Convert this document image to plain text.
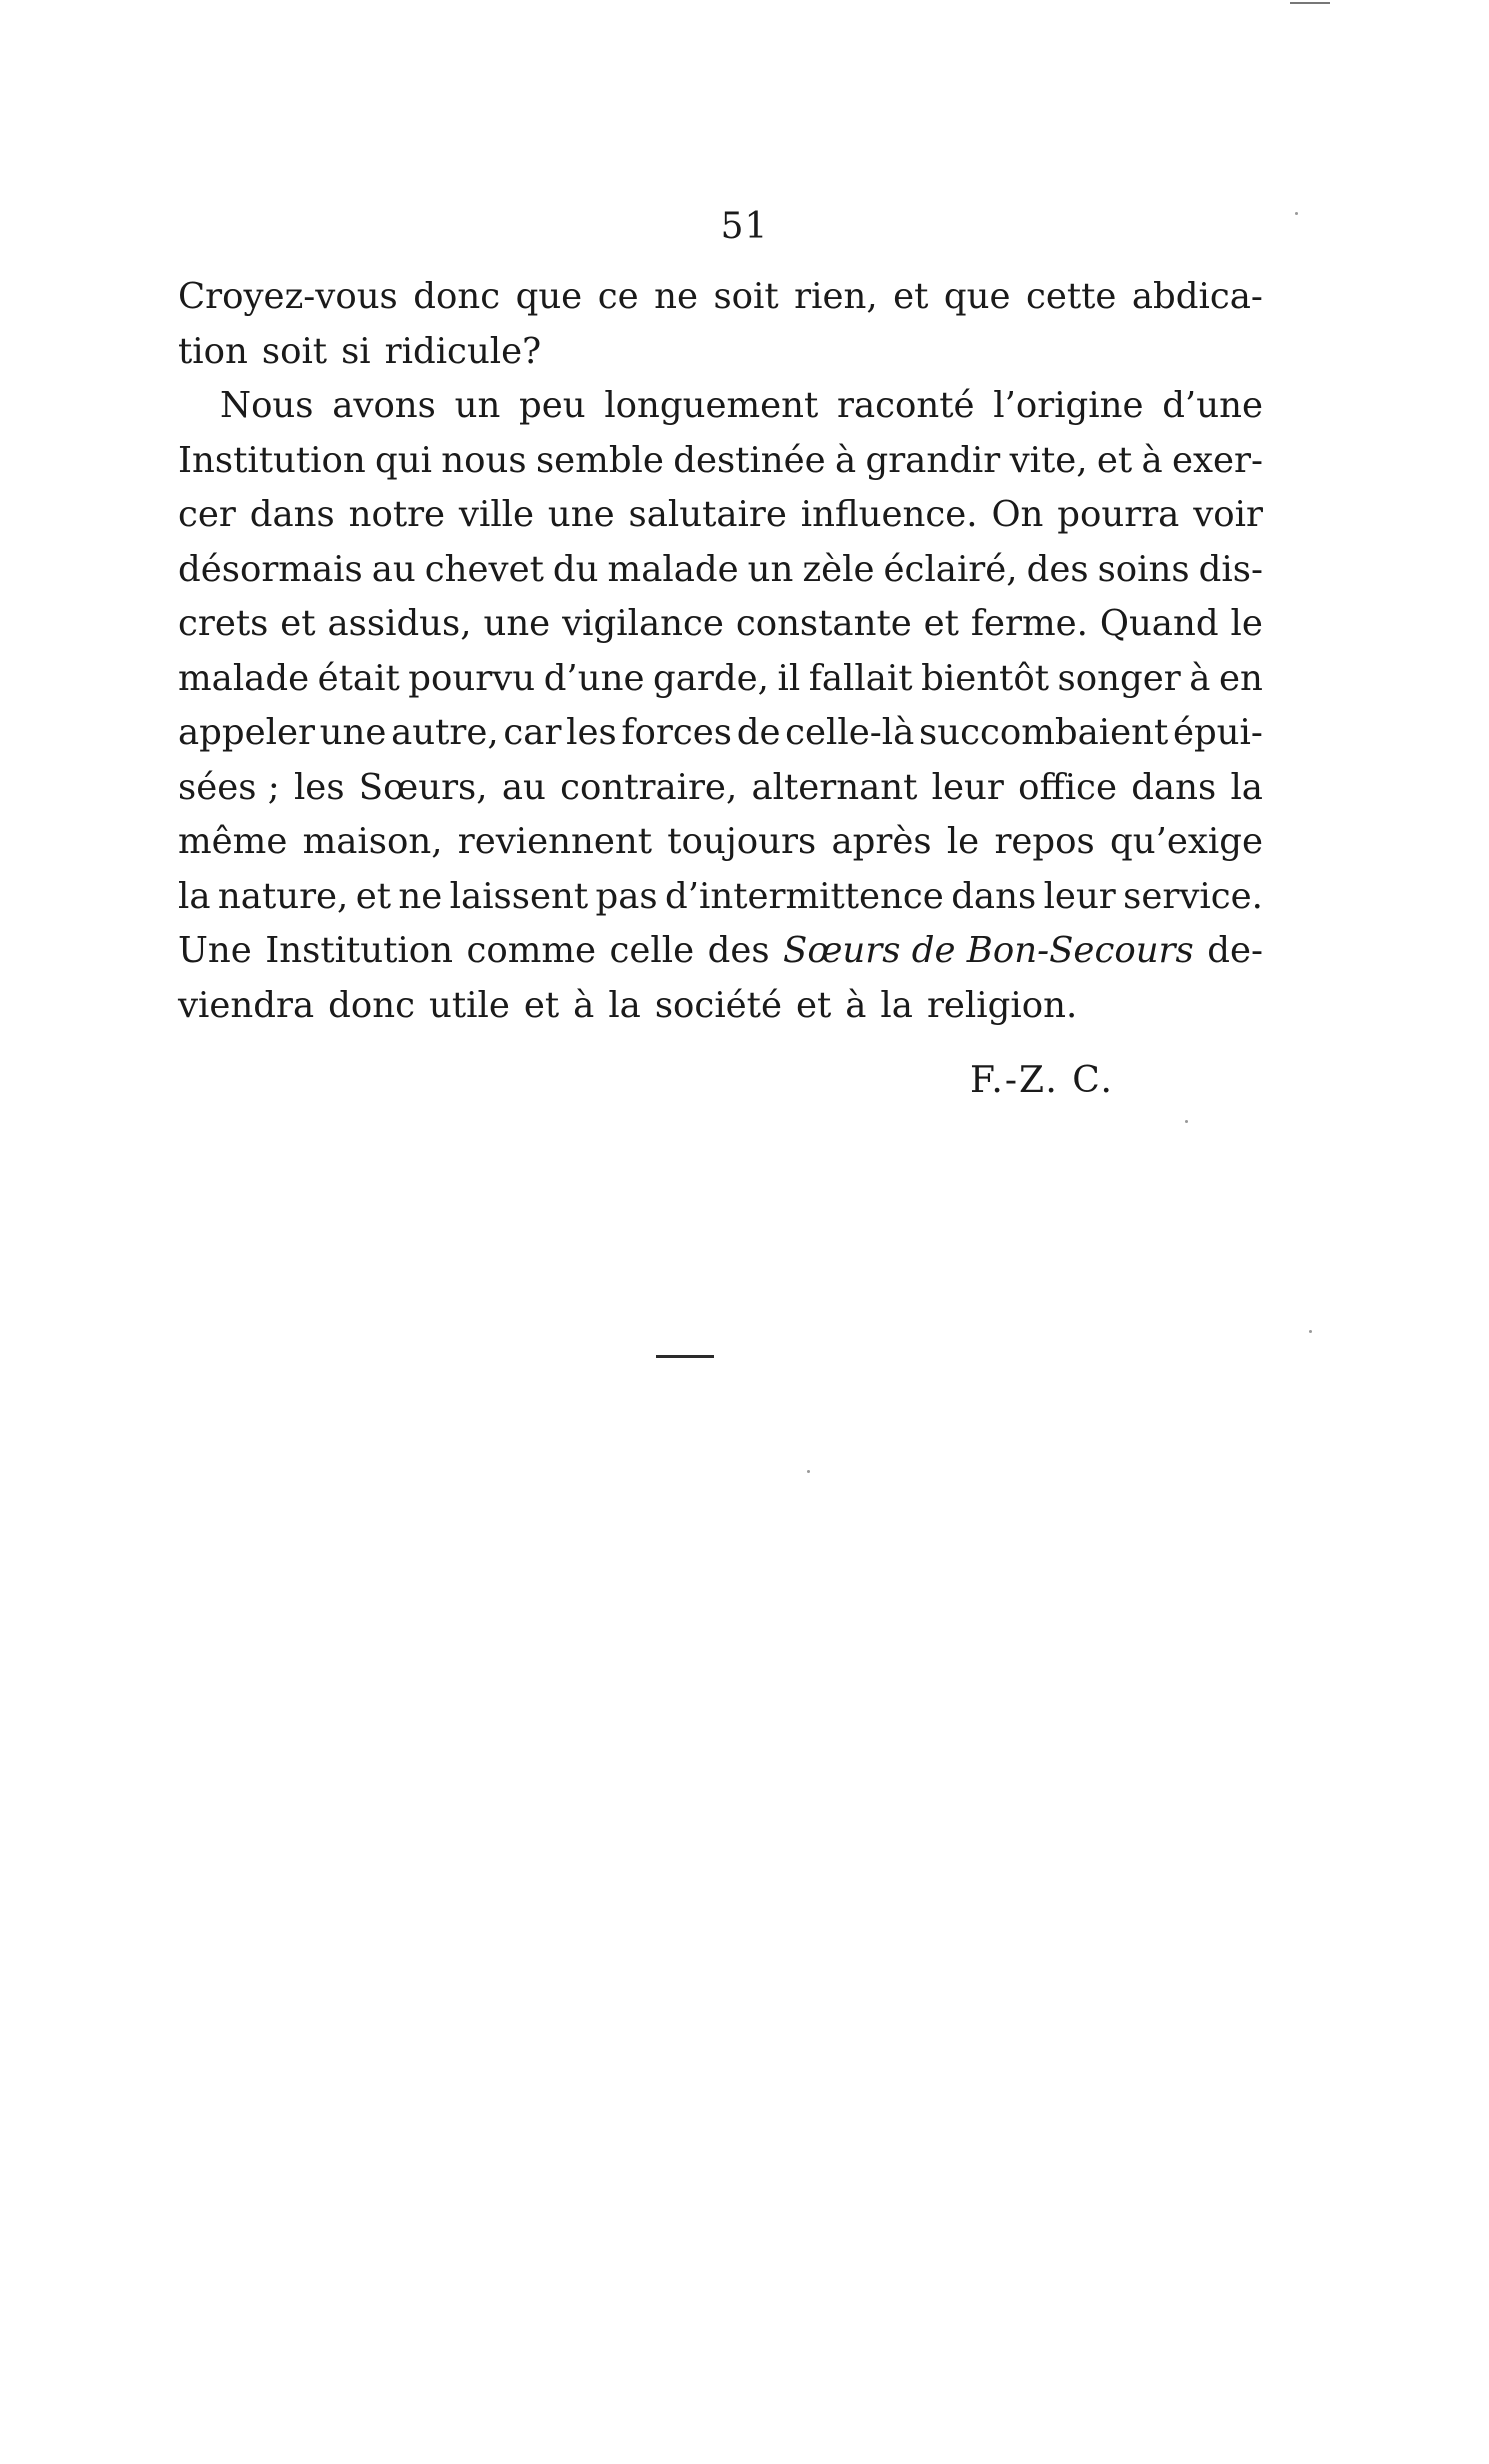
51
Croyez-vous donc que ce ne soit rien, et que cette abdica-
tion soit si ridicule?
Nous avons un peu longuement raconté l’origine d’une
Institution qui nous semble destinée à grandir vite, et à exer-
cer dans notre ville une salutaire influence. On pourra voir
désormais au chevet du malade un zèle éclairé, des soins dis-
crets et assidus, une vigilance constante et ferme. Quand le
malade était pourvu d’une garde, il fallait bientôt songer à en
appeler une autre, car les forces de celle-là succombaient épui-
sées ; les Sœurs, au contraire, alternant leur office dans la
même maison, reviennent toujours après le repos qu’exige
la nature, et ne laissent pas d’intermittence dans leur service.
Une Institution comme celle des Sœurs de Bon-Secours de-
viendra donc utile et à la société et à la religion.
F.-Z. C.
